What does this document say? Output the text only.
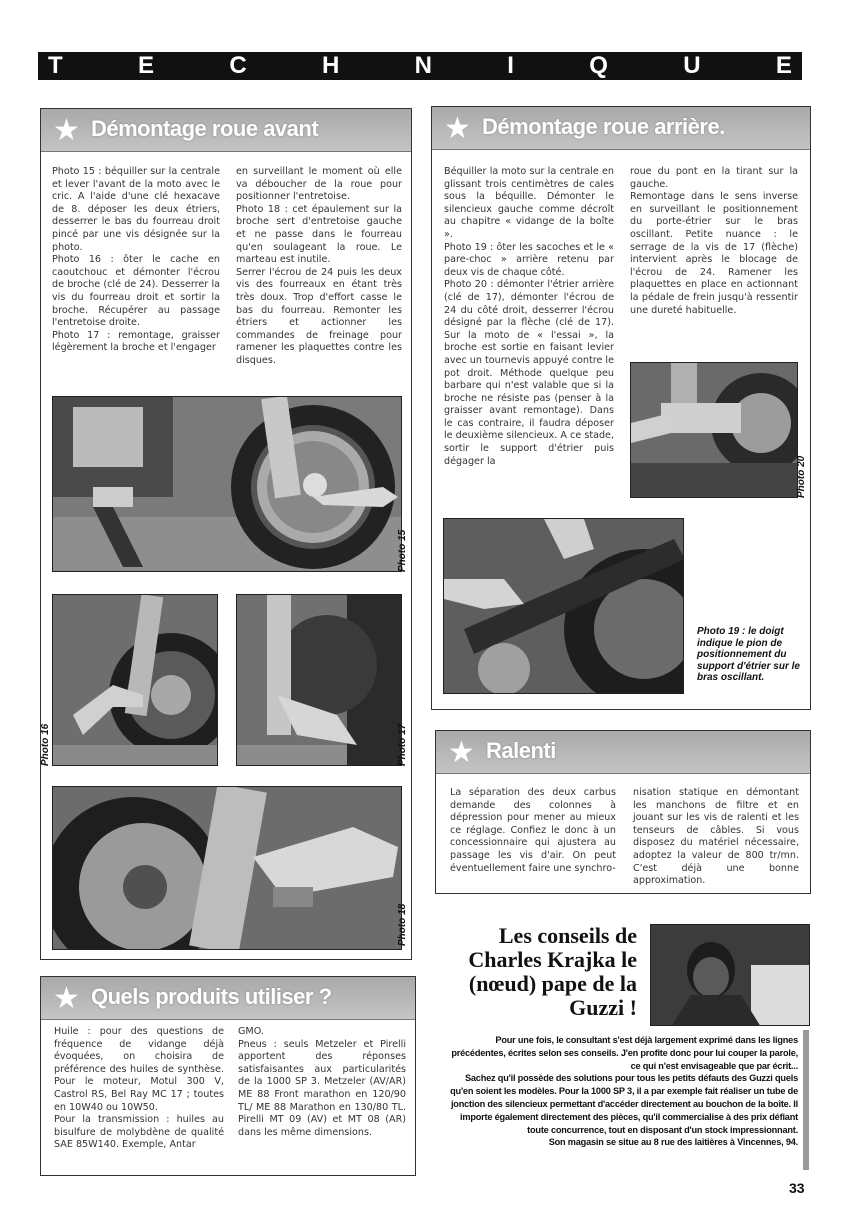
T	E	C	H	N	I	Q	U	E
★ Démontage roue avant
Photo 15 : béquiller sur la centrale et lever l'avant de la moto avec le cric. A l'aide d'une clé hexacave de 8. déposer les deux étriers, desserrer le bas du fourreau droit pincé par une vis désignée sur la photo.
Photo 16 : ôter le cache en caoutchouc et démonter l'écrou de broche (clé de 24). Desserrer la vis du fourreau droit et sortir la broche. Récupérer au passage l'entretoise droite.
Photo 17 : remontage, graisser légèrement la broche et l'engager
en surveillant le moment où elle va déboucher de la roue pour positionner l'entretoise.
Photo 18 : cet épaulement sur la broche sert d'entretoise gauche et ne passe dans le fourreau qu'en soulageant la roue. Le marteau est inutile.
Serrer l'écrou de 24 puis les deux vis des fourreaux en étant très très doux. Trop d'effort casse le bas du fourreau. Remonter les étriers et actionner les commandes de freinage pour ramener les plaquettes contre les disques.
Photo 15
Photo 16	Photo 17
Photo 18
★ Démontage roue arrière.
Béquiller la moto sur la centrale en glissant trois centimètres de cales sous la béquille. Démonter le silencieux gauche comme décroît au chapitre « vidange de la boîte ».
Photo 19 : ôter les sacoches et le « pare-choc » arrière retenu par deux vis de chaque côté.
Photo 20 : démonter l'étrier arrière (clé de 17), démonter l'écrou de 24 du côté droit, desserrer l'écrou désigné par la flèche (clé de 17). Sur la moto de « l'essai », la broche est sortie en faisant levier avec un tournevis appuyé contre le pot droit. Méthode quelque peu barbare qui n'est valable que si la broche ne résiste pas (penser à la graisser avant remontage). Dans le cas contraire, il faudra déposer le deuxième silencieux. A ce stade, sortir le support d'étrier puis dégager la
roue du pont en la tirant sur la gauche.
Remontage dans le sens inverse en surveillant le positionnement du porte-étrier sur le bras oscillant. Petite nuance : le serrage de la vis de 17 (flèche) intervient après le blocage de l'écrou de 24. Ramener les plaquettes en place en actionnant la pédale de frein jusqu'à ressentir une dureté habituelle.
Photo 20
Photo 19 : le doigt indique le pion de positionnement du support d'étrier sur le bras oscillant.
★ Ralenti
La séparation des deux carbus demande des colonnes à dépression pour mener au mieux ce réglage. Confiez le donc à un concessionnaire qui ajustera au passage les vis d'air. On peut éventuellement faire une synchro-
nisation statique en démontant les manchons de filtre et en jouant sur les vis de ralenti et les tenseurs de câbles. Si vous disposez du matériel nécessaire, adoptez la valeur de 800 tr/mn. C'est déjà une bonne approximation.
★ Quels produits utiliser ?
Huile : pour des questions de fréquence de vidange déjà évoquées, on choisira de préférence des huiles de synthèse. Pour le moteur, Motul 300 V, Castrol RS, Bel Ray MC 17 ; toutes en 10W40 ou 10W50.
Pour la transmission : huiles au bisulfure de molybdène de qualité SAE 85W140. Exemple, Antar
GMO.
Pneus : seuls Metzeler et Pirelli apportent des réponses satisfaisantes aux particularités de la 1000 SP 3. Metzeler (AV/AR) ME 88 Front marathon en 120/90 TL/ ME 88 Marathon en 130/80 TL. Pirelli MT 09 (AV) et MT 08 (AR) dans les même dimensions.
Les conseils de Charles Krajka le (nœud) pape de la Guzzi !

Pour une fois, le consultant s'est déjà largement exprimé dans les lignes précédentes, écrites selon ses conseils. J'en profite donc pour lui couper la parole,

ce qui n'est envisageable que par écrit...

Sachez qu'il possède des solutions pour tous les petits défauts des Guzzi quels qu'en soient les modèles. Pour la 1000 SP 3, il a par exemple fait réaliser un tube de jonction des silencieux permettant d'accéder directement au bouchon de la boîte. Il importe également directement des pièces, qu'il commercialise à des prix défiant toute concurrence, tout en disposant d'un stock impressionnant.

Son magasin se situe au 8 rue des laitières à Vincennes, 94.

33
